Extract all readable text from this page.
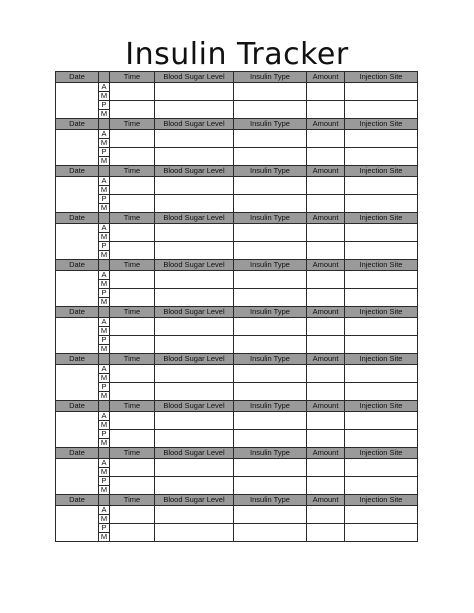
Insulin Tracker
Date		Time	Blood Sugar Level	Insulin Type	Amount	Injection Site
	A					
	M					
	P					
	M					
Date		Time	Blood Sugar Level	Insulin Type	Amount	Injection Site
	A					
	M					
	P					
	M					
Date		Time	Blood Sugar Level	Insulin Type	Amount	Injection Site
	A					
	M					
	P					
	M					
Date		Time	Blood Sugar Level	Insulin Type	Amount	Injection Site
	A					
	M					
	P					
	M					
Date		Time	Blood Sugar Level	Insulin Type	Amount	Injection Site
	A					
	M					
	P					
	M					
Date		Time	Blood Sugar Level	Insulin Type	Amount	Injection Site
	A					
	M					
	P					
	M					
Date		Time	Blood Sugar Level	Insulin Type	Amount	Injection Site
	A					
	M					
	P					
	M					
Date		Time	Blood Sugar Level	Insulin Type	Amount	Injection Site
	A					
	M					
	P					
	M					
Date		Time	Blood Sugar Level	Insulin Type	Amount	Injection Site
	A					
	M					
	P					
	M					
Date		Time	Blood Sugar Level	Insulin Type	Amount	Injection Site
	A					
	M					
	P					
	M					
